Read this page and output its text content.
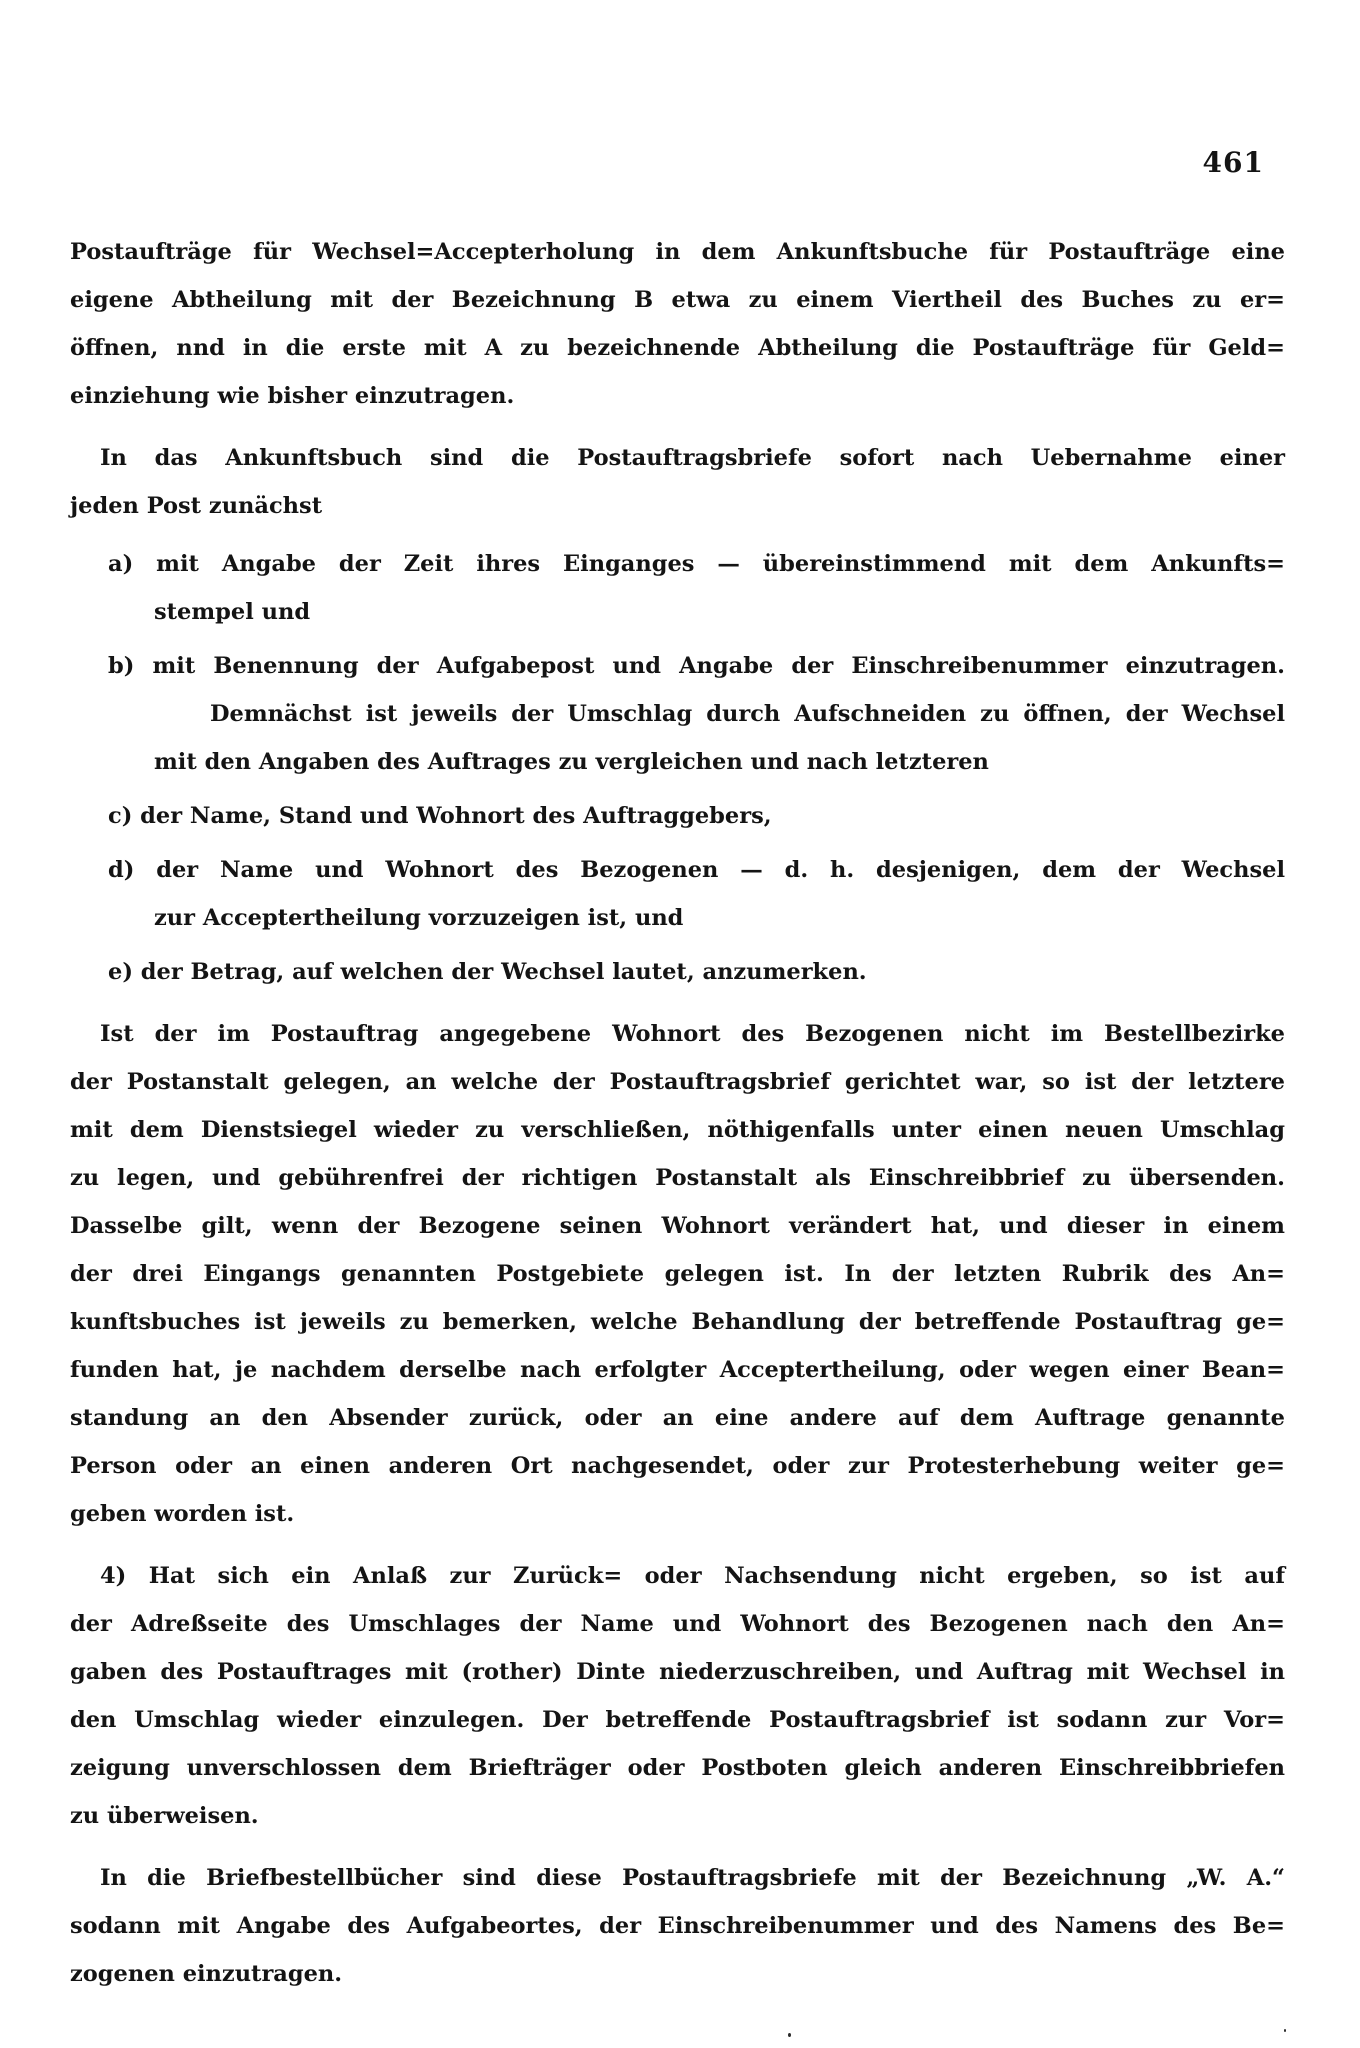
461
Postaufträge für Wechsel=Accepterholung in dem Ankunftsbuche für Postaufträge eine
eigene Abtheilung mit der Bezeichnung B etwa zu einem Viertheil des Buches zu er=
öffnen, nnd in die erste mit A zu bezeichnende Abtheilung die Postaufträge für Geld=
einziehung wie bisher einzutragen.
In das Ankunftsbuch sind die Postauftragsbriefe sofort nach Uebernahme einer
jeden Post zunächst
a) mit Angabe der Zeit ihres Einganges — übereinstimmend mit dem Ankunfts=
stempel und
b) mit Benennung der Aufgabepost und Angabe der Einschreibenummer einzutragen.
Demnächst ist jeweils der Umschlag durch Aufschneiden zu öffnen, der Wechsel
mit den Angaben des Auftrages zu vergleichen und nach letzteren
c) der Name, Stand und Wohnort des Auftraggebers,
d) der Name und Wohnort des Bezogenen — d. h. desjenigen, dem der Wechsel
zur Acceptertheilung vorzuzeigen ist, und
e) der Betrag, auf welchen der Wechsel lautet, anzumerken.
Ist der im Postauftrag angegebene Wohnort des Bezogenen nicht im Bestellbezirke
der Postanstalt gelegen, an welche der Postauftragsbrief gerichtet war, so ist der letztere
mit dem Dienstsiegel wieder zu verschließen, nöthigenfalls unter einen neuen Umschlag
zu legen, und gebührenfrei der richtigen Postanstalt als Einschreibbrief zu übersenden.
Dasselbe gilt, wenn der Bezogene seinen Wohnort verändert hat, und dieser in einem
der drei Eingangs genannten Postgebiete gelegen ist. In der letzten Rubrik des An=
kunftsbuches ist jeweils zu bemerken, welche Behandlung der betreffende Postauftrag ge=
funden hat, je nachdem derselbe nach erfolgter Acceptertheilung, oder wegen einer Bean=
standung an den Absender zurück, oder an eine andere auf dem Auftrage genannte
Person oder an einen anderen Ort nachgesendet, oder zur Protesterhebung weiter ge=
geben worden ist.
4) Hat sich ein Anlaß zur Zurück= oder Nachsendung nicht ergeben, so ist auf
der Adreßseite des Umschlages der Name und Wohnort des Bezogenen nach den An=
gaben des Postauftrages mit (rother) Dinte niederzuschreiben, und Auftrag mit Wechsel in
den Umschlag wieder einzulegen. Der betreffende Postauftragsbrief ist sodann zur Vor=
zeigung unverschlossen dem Briefträger oder Postboten gleich anderen Einschreibbriefen
zu überweisen.
In die Briefbestellbücher sind diese Postauftragsbriefe mit der Bezeichnung „W. A.“
sodann mit Angabe des Aufgabeortes, der Einschreibenummer und des Namens des Be=
zogenen einzutragen.
